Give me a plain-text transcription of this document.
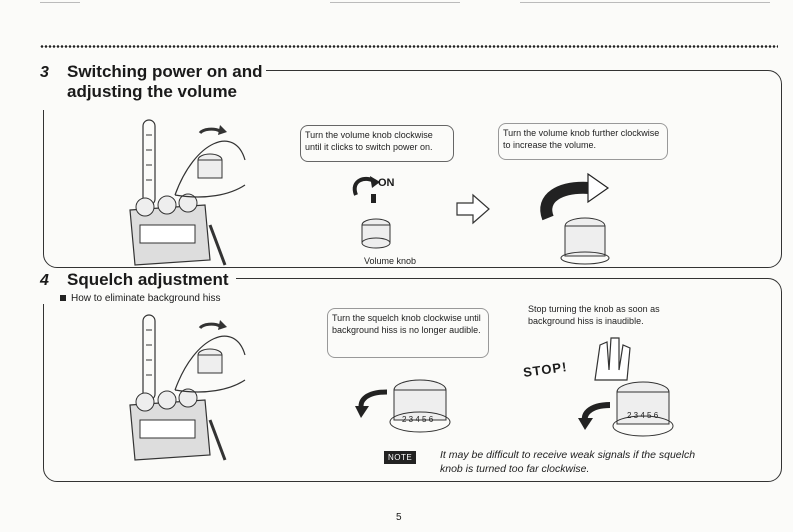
3 Switching power on and
adjusting the volume
Turn the volume knob clockwise until it clicks to switch power on.
Turn the volume knob further clockwise to increase the volume.
ON
Volume knob
4 Squelch adjustment
How to eliminate background hiss
Turn the squelch knob clockwise until background hiss is no longer audible.
Stop turning the knob as soon as background hiss is inaudible.
2 3 4 5 6
STOP!
2 3 4 5 6
NOTE	It may be difficult to receive weak signals if the squelch
knob is turned too far clockwise.
5
